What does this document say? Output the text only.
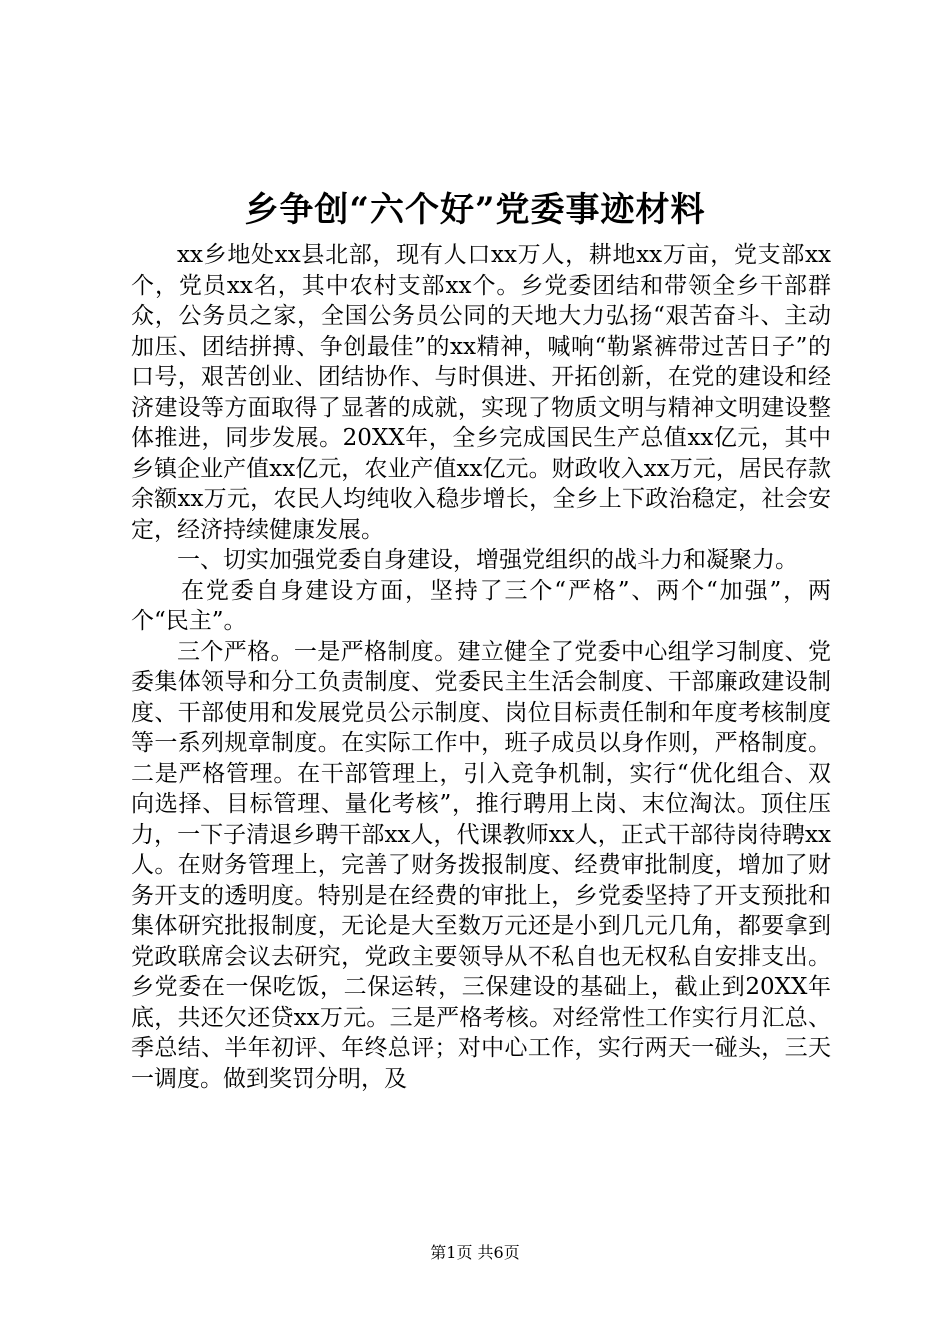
乡争创“六个好”党委事迹材料

xx乡地处xx县北部，现有人口xx万人，耕地xx万亩，党支部xx个，党员xx名，其中农村支部xx个。乡党委团结和带领全乡干部群众，公务员之家，全国公务员公同的天地大力弘扬“艰苦奋斗、主动加压、团结拼搏、争创最佳”的xx精神，喊响“勒紧裤带过苦日子”的口号，艰苦创业、团结协作、与时俱进、开拓创新，在党的建设和经济建设等方面取得了显著的成就，实现了物质文明与精神文明建设整体推进，同步发展。20XX年，全乡完成国民生产总值xx亿元，其中乡镇企业产值xx亿元，农业产值xx亿元。财政收入xx万元，居民存款余额xx万元，农民人均纯收入稳步增长，全乡上下政治稳定，社会安定，经济持续健康发展。

一、切实加强党委自身建设，增强党组织的战斗力和凝聚力。

在党委自身建设方面，坚持了三个“严格”、两个“加强”，两个“民主”。

三个严格。一是严格制度。建立健全了党委中心组学习制度、党委集体领导和分工负责制度、党委民主生活会制度、干部廉政建设制度、干部使用和发展党员公示制度、岗位目标责任制和年度考核制度等一系列规章制度。在实际工作中，班子成员以身作则，严格制度。二是严格管理。在干部管理上，引入竞争机制，实行“优化组合、双向选择、目标管理、量化考核”，推行聘用上岗、末位淘汰。顶住压力，一下子清退乡聘干部xx人，代课教师xx人，正式干部待岗待聘xx人。在财务管理上，完善了财务拨报制度、经费审批制度，增加了财务开支的透明度。特别是在经费的审批上，乡党委坚持了开支预批和集体研究批报制度，无论是大至数万元还是小到几元几角，都要拿到党政联席会议去研究，党政主要领导从不私自也无权私自安排支出。乡党委在一保吃饭，二保运转，三保建设的基础上，截止到20XX年底，共还欠还贷xx万元。三是严格考核。对经常性工作实行月汇总、季总结、半年初评、年终总评；对中心工作，实行两天一碰头，三天一调度。做到奖罚分明，及

第1页 共6页
